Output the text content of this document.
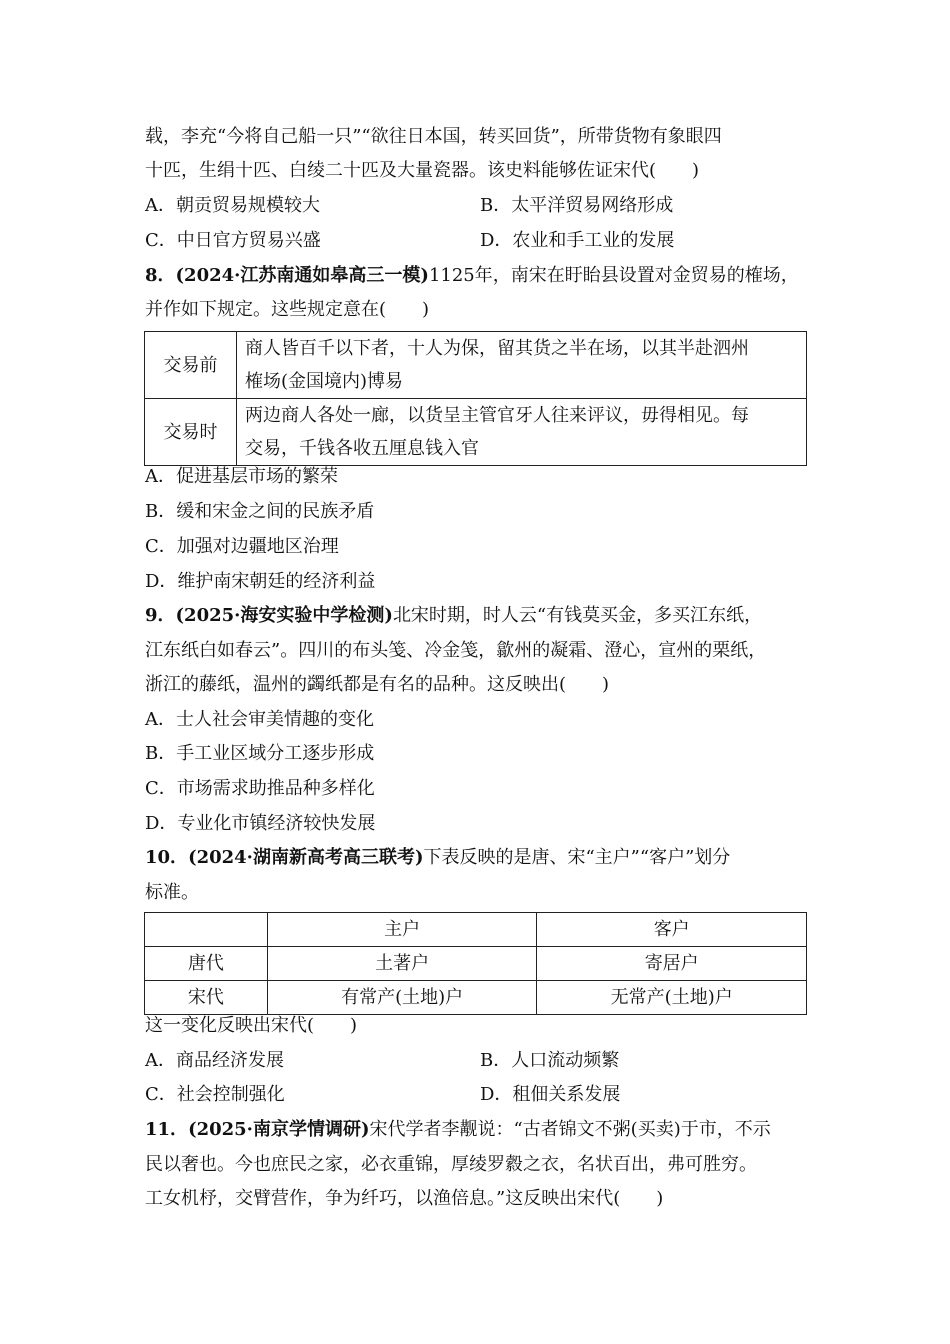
载，李充“今将自己船一只”“欲往日本国，转买回货”，所带货物有象眼四
十匹，生绢十匹、白绫二十匹及大量瓷器。该史料能够佐证宋代(　　)
A．朝贡贸易规模较大	B．太平洋贸易网络形成
C．中日官方贸易兴盛	D．农业和手工业的发展
8．(2024·江苏南通如皋高三一模)1125年，南宋在盱眙县设置对金贸易的榷场，
并作如下规定。这些规定意在(　　)
交易前	商人皆百千以下者，十人为保，留其货之半在场，以其半赴泗州
榷场(金国境内)博易

交易时	两边商人各处一廊，以货呈主管官牙人往来评议，毋得相见。每
交易，千钱各收五厘息钱入官
A．促进基层市场的繁荣
B．缓和宋金之间的民族矛盾
C．加强对边疆地区治理
D．维护南宋朝廷的经济利益
9．(2025·海安实验中学检测)北宋时期，时人云“有钱莫买金，多买江东纸，
江东纸白如春云”。四川的布头笺、冷金笺，歙州的凝霜、澄心，宣州的栗纸，
浙江的藤纸，温州的蠲纸都是有名的品种。这反映出(　　)
A．士人社会审美情趣的变化
B．手工业区域分工逐步形成
C．市场需求助推品种多样化
D．专业化市镇经济较快发展
10．(2024·湖南新高考高三联考)下表反映的是唐、宋“主户”“客户”划分
标准。
	主户	客户
唐代	土著户	寄居户
宋代	有常产(土地)户	无常产(土地)户
这一变化反映出宋代(　　)
A．商品经济发展	B．人口流动频繁
C．社会控制强化	D．租佃关系发展
11．(2025·南京学情调研)宋代学者李觏说：“古者锦文不粥(买卖)于市，不示
民以奢也。今也庶民之家，必衣重锦，厚绫罗縠之衣，名状百出，弗可胜穷。
工女机杼，交臂营作，争为纤巧，以渔倍息。”这反映出宋代(　　)
